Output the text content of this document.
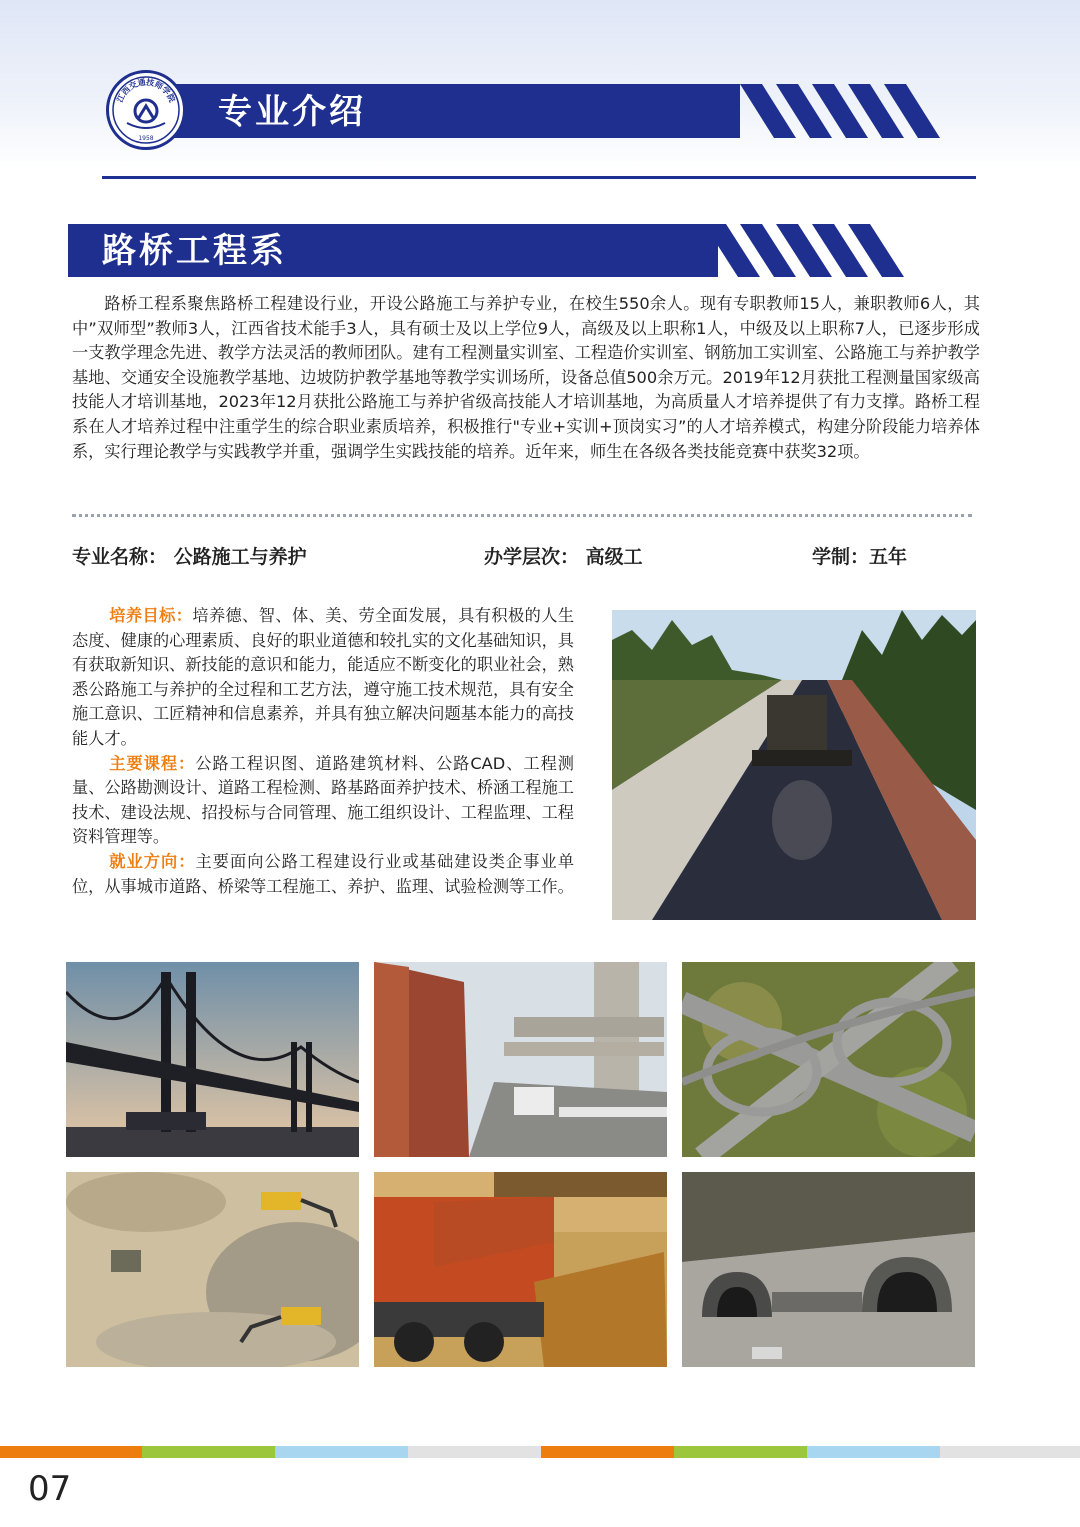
江西交通技师学院
1958
专业介绍
路桥工程系

路桥工程系聚焦路桥工程建设行业，开设公路施工与养护专业，在校生550余人。现有专职教师15人，兼职教师6人，其中”双师型”教师3人，江西省技术能手3人，具有硕士及以上学位9人，高级及以上职称1人，中级及以上职称7人，已逐步形成一支教学理念先进、教学方法灵活的教师团队。建有工程测量实训室、工程造价实训室、钢筋加工实训室、公路施工与养护教学基地、交通安全设施教学基地、边坡防护教学基地等教学实训场所，设备总值500余万元。2019年12月获批工程测量国家级高技能人才培训基地，2023年12月获批公路施工与养护省级高技能人才培训基地，为高质量人才培养提供了有力支撑。路桥工程系在人才培养过程中注重学生的综合职业素质培养，积极推行"专业+实训+顶岗实习”的人才培养模式，构建分阶段能力培养体系，实行理论教学与实践教学并重，强调学生实践技能的培养。近年来，师生在各级各类技能竞赛中获奖32项。

专业名称： 公路施工与养护	办学层次： 高级工	学制：五年

培养目标：培养德、智、体、美、劳全面发展，具有积极的人生态度、健康的心理素质、良好的职业道德和较扎实的文化基础知识，具有获取新知识、新技能的意识和能力，能适应不断变化的职业社会，熟悉公路施工与养护的全过程和工艺方法，遵守施工技术规范，具有安全施工意识、工匠精神和信息素养，并具有独立解决问题基本能力的高技能人才。

主要课程：公路工程识图、道路建筑材料、公路CAD、工程测量、公路勘测设计、道路工程检测、路基路面养护技术、桥涵工程施工技术、建设法规、招投标与合同管理、施工组织设计、工程监理、工程资料管理等。

就业方向：主要面向公路工程建设行业或基础建设类企事业单位，从事城市道路、桥梁等工程施工、养护、监理、试验检测等工作。

07
